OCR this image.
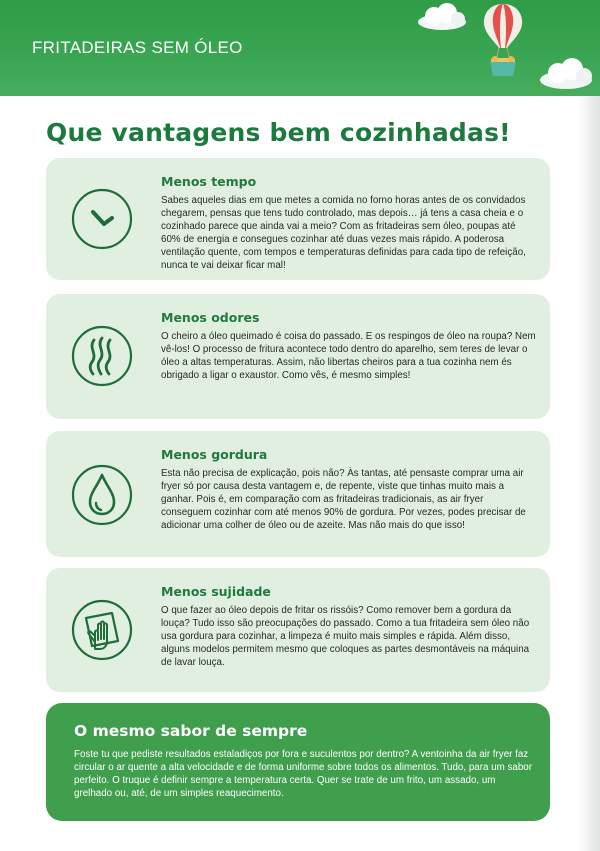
FRITADEIRAS SEM ÓLEO
Que vantagens bem cozinhadas!
Menos tempo
Sabes aqueles dias em que metes a comida no forno horas antes de os convidados chegarem, pensas que tens tudo controlado, mas depois… já tens a casa cheia e o cozinhado parece que ainda vai a meio? Com as fritadeiras sem óleo, poupas até 60% de energia e consegues cozinhar até duas vezes mais rápido. A poderosa ventilação quente, com tempos e temperaturas definidas para cada tipo de refeição, nunca te vai deixar ficar mal!
Menos odores
O cheiro a óleo queimado é coisa do passado. E os respingos de óleo na roupa? Nem vê-los! O processo de fritura acontece todo dentro do aparelho, sem teres de levar o óleo a altas temperaturas. Assim, não libertas cheiros para a tua cozinha nem és obrigado a ligar o exaustor. Como vês, é mesmo simples!
Menos gordura
Esta não precisa de explicação, pois não? Às tantas, até pensaste comprar uma air fryer só por causa desta vantagem e, de repente, viste que tinhas muito mais a ganhar. Pois é, em comparação com as fritadeiras tradicionais, as air fryer conseguem cozinhar com até menos 90% de gordura. Por vezes, podes precisar de adicionar uma colher de óleo ou de azeite. Mas não mais do que isso!
Menos sujidade
O que fazer ao óleo depois de fritar os rissóis? Como remover bem a gordura da louça? Tudo isso são preocupações do passado. Como a tua fritadeira sem óleo não usa gordura para cozinhar, a limpeza é muito mais simples e rápida. Além disso, alguns modelos permitem mesmo que coloques as partes desmontáveis na máquina de lavar louça.
O mesmo sabor de sempre
Foste tu que pediste resultados estaladiços por fora e suculentos por dentro? A ventoinha da air fryer faz circular o ar quente a alta velocidade e de forma uniforme sobre todos os alimentos. Tudo, para um sabor perfeito. O truque é definir sempre a temperatura certa. Quer se trate de um frito, um assado, um grelhado ou, até, de um simples reaquecimento.
